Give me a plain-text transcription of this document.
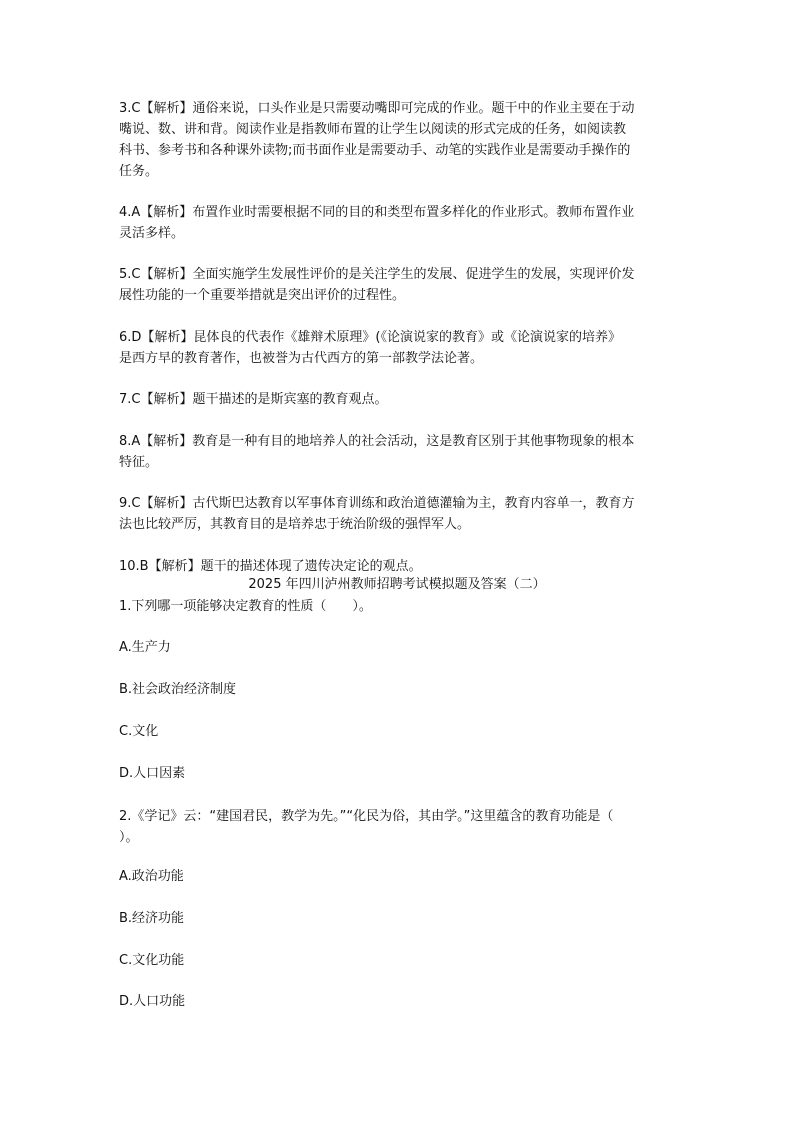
3.C【解析】通俗来说，口头作业是只需要动嘴即可完成的作业。题干中的作业主要在于动
嘴说、数、讲和背。阅读作业是指教师布置的让学生以阅读的形式完成的任务，如阅读教
科书、参考书和各种课外读物;而书面作业是需要动手、动笔的实践作业是需要动手操作的
任务。
4.A【解析】布置作业时需要根据不同的目的和类型布置多样化的作业形式。教师布置作业
灵活多样。
5.C【解析】全面实施学生发展性评价的是关注学生的发展、促进学生的发展，实现评价发
展性功能的一个重要举措就是突出评价的过程性。
6.D【解析】昆体良的代表作《雄辩术原理》(《论演说家的教育》或《论演说家的培养》
是西方早的教育著作，也被誉为古代西方的第一部教学法论著。
7.C【解析】题干描述的是斯宾塞的教育观点。
8.A【解析】教育是一种有目的地培养人的社会活动，这是教育区别于其他事物现象的根本
特征。
9.C【解析】古代斯巴达教育以军事体育训练和政治道德灌输为主，教育内容单一，教育方
法也比较严厉，其教育目的是培养忠于统治阶级的强悍军人。
10.B【解析】题干的描述体现了遗传决定论的观点。

2025 年四川泸州教师招聘考试模拟题及答案（二）

1.下列哪一项能够决定教育的性质（　　）。

A.生产力

B.社会政治经济制度

C.文化

D.人口因素

2.《学记》云：“建国君民，教学为先。”“化民为俗，其由学。”这里蕴含的教育功能是（
）。

A.政治功能

B.经济功能

C.文化功能

D.人口功能
